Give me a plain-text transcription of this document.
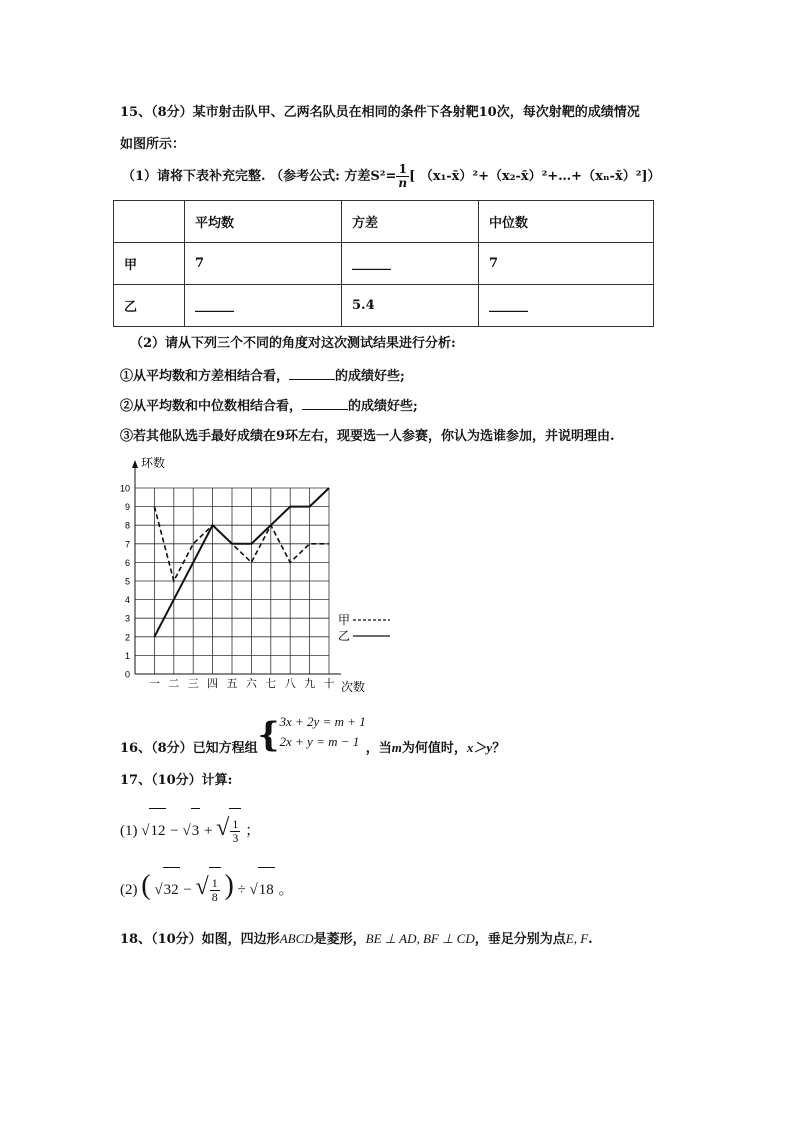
15、（8分）某市射击队甲、乙两名队员在相同的条件下各射靶10次，每次射靶的成绩情况
如图所示：
（1）请将下表补充完整. （参考公式: 方差$S^2= \frac{1}{n}$ [ （x₁-x̄）²+（x₂-x̄）²+…+（xₙ-x̄）²]）
	平均数	方差	中位数
甲	7	______	7
乙	______	5.4	______
（2）请从下列三个不同的角度对这次测试结果进行分析:
①从平均数和方差相结合看，	的成绩好些;
②从平均数和中位数相结合看，	的成绩好些;
③若其他队选手最好成绩在9环左右，现要选一人参赛，你认为选谁参加，并说明理由.
0
1
2
3
4
5
6
7
8
9
10
一 二 三 四 五 六 七 八 九 十
环数
次数
甲
乙
16、（8分）已知方程组{ 3x + 2y = m + 1
2x + y = m − 1 ，当m为何值时，x＞y？
17、（10分）计算:
(1) √12 − √3 + √ $\frac{1}{3}$ ；
(2) ( √32 − √ $\frac{1}{8}$ ) ÷ √18 。
18、（10分）如图，四边形ABCD是菱形，BE ⊥ AD, BF ⊥ CD，垂足分别为点E, F.
